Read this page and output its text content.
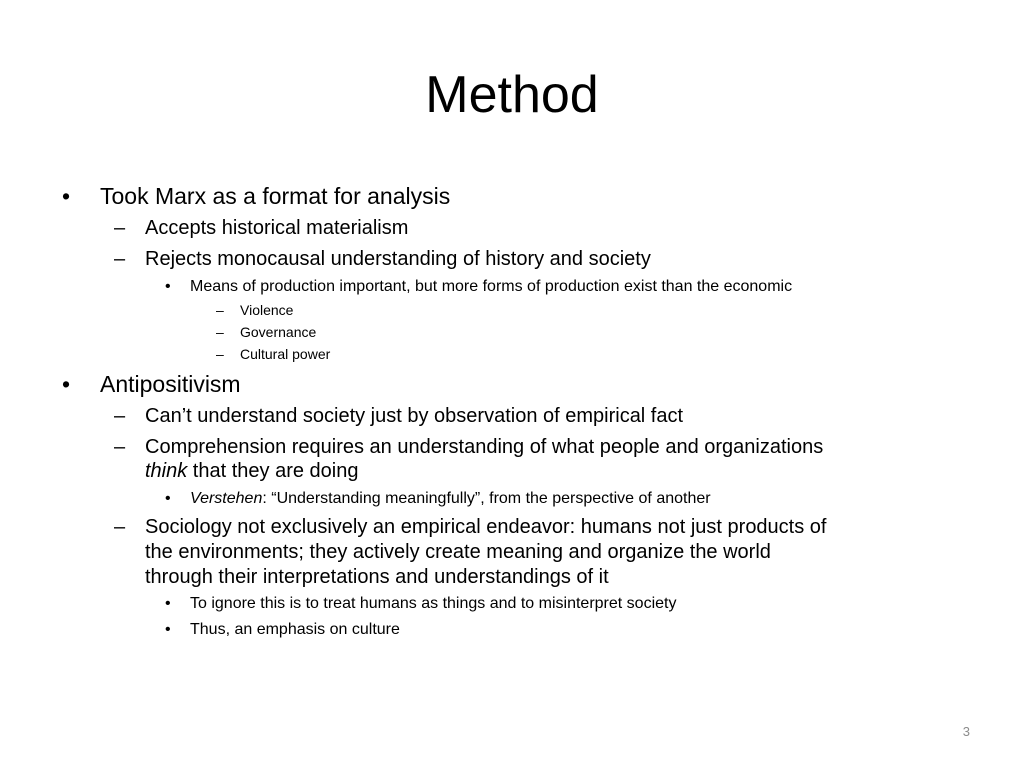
Method
• Took Marx as a format for analysis
– Accepts historical materialism
– Rejects monocausal understanding of history and society
• Means of production important, but more forms of production exist than the economic
– Violence
– Governance
– Cultural power
• Antipositivism
– Can’t understand society just by observation of empirical fact
– Comprehension requires an understanding of what people and organizations
think that they are doing
• Verstehen: “Understanding meaningfully”, from the perspective of another
– Sociology not exclusively an empirical endeavor: humans not just products of
the environments; they actively create meaning and organize the world
through their interpretations and understandings of it
• To ignore this is to treat humans as things and to misinterpret society
• Thus, an emphasis on culture
3
